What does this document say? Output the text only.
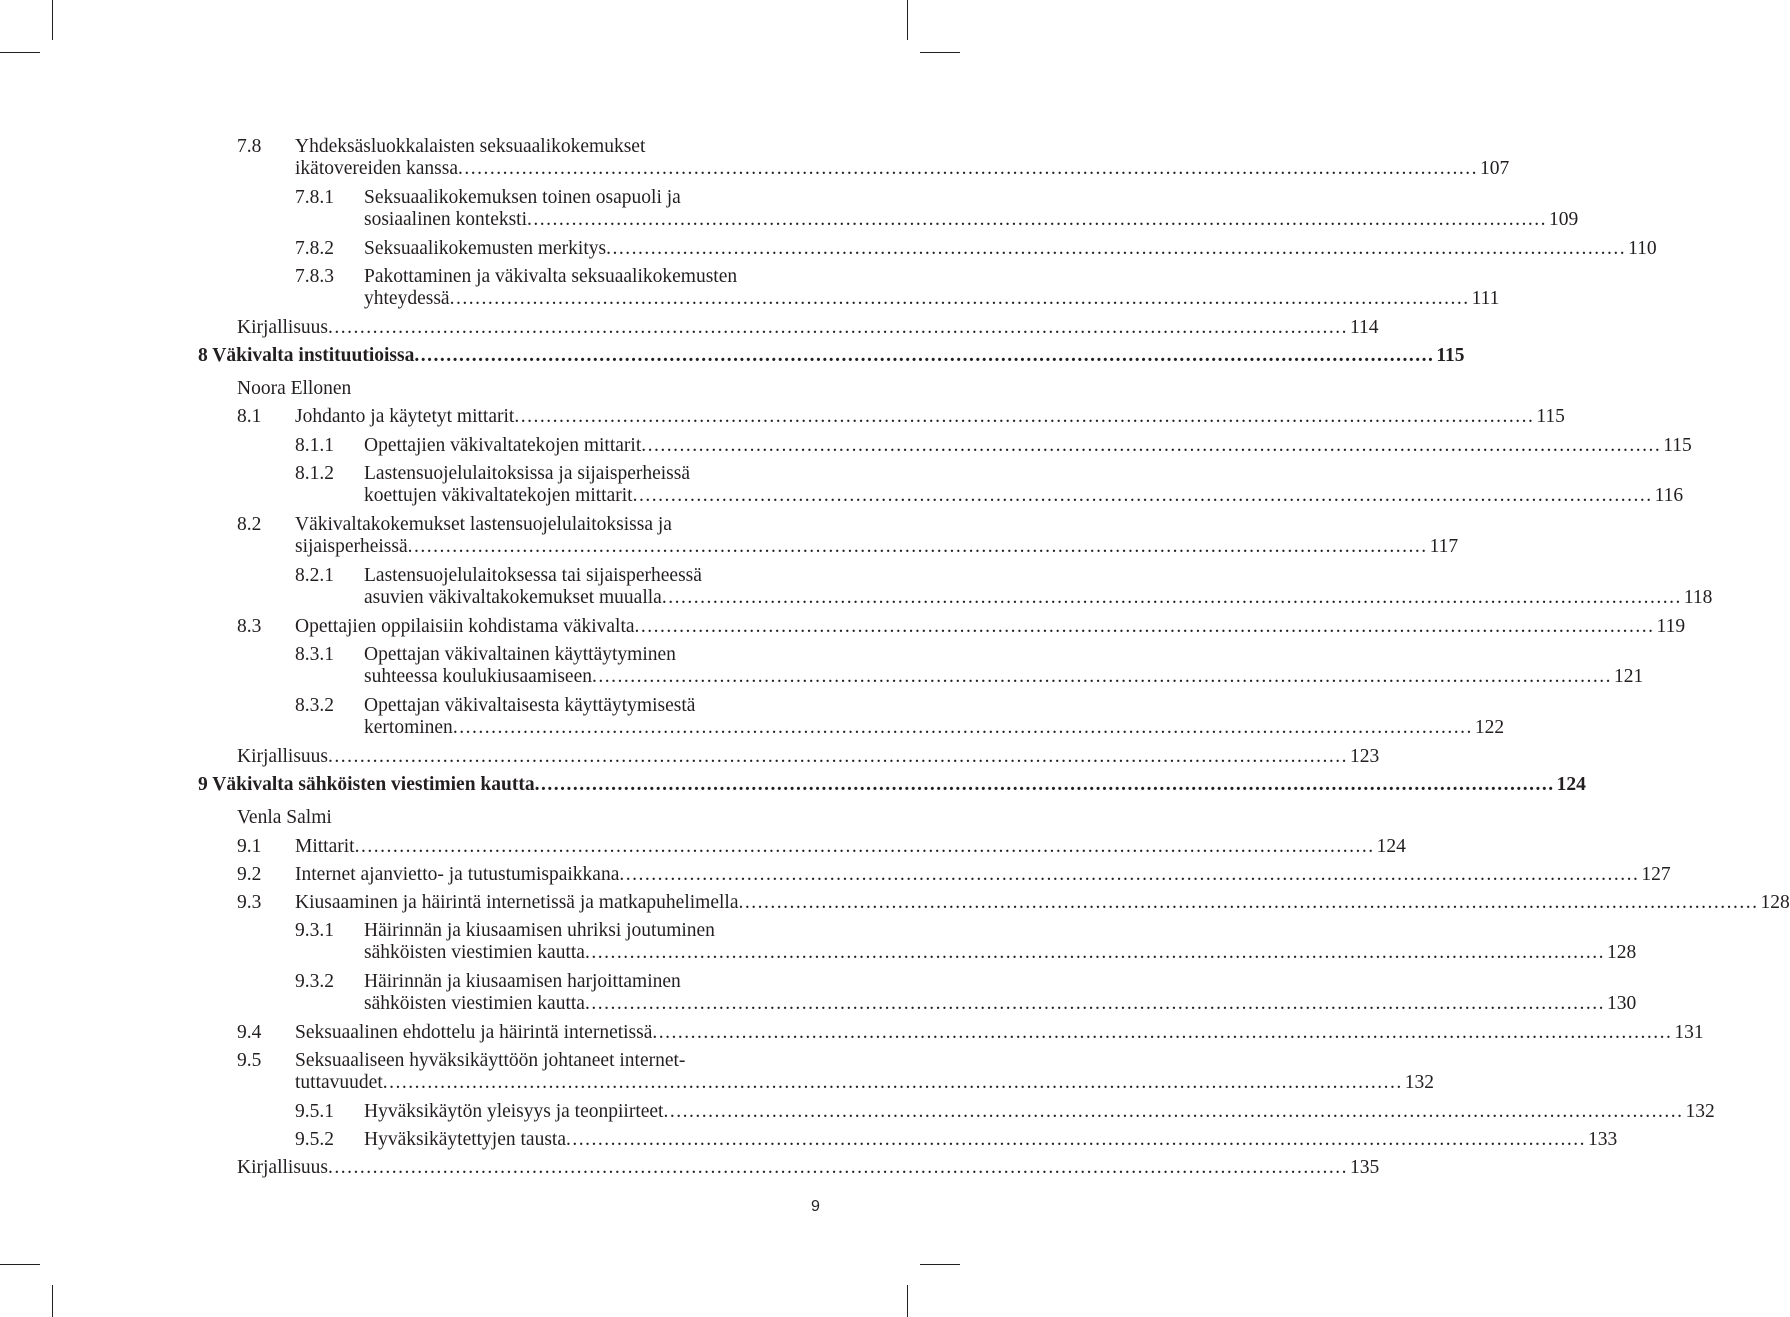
7.8 Yhdeksäsluokkalaisten seksuaalikokemukset
ikätovereiden kanssa ................................................................................................................................................................ 107
7.8.1 Seksuaalikokemuksen toinen osapuoli ja
sosiaalinen konteksti ................................................................................................................................................................ 109
7.8.2 Seksuaalikokemusten merkitys ................................................................................................................................................................ 110
7.8.3 Pakottaminen ja väkivalta seksuaalikokemusten
yhteydessä ................................................................................................................................................................ 111
Kirjallisuus ................................................................................................................................................................ 114
8 Väkivalta instituutioissa ................................................................................................................................................................ 115
Noora Ellonen
8.1 Johdanto ja käytetyt mittarit ................................................................................................................................................................ 115
8.1.1 Opettajien väkivaltatekojen mittarit ................................................................................................................................................................ 115
8.1.2 Lastensuojelulaitoksissa ja sijaisperheissä
koettujen väkivaltatekojen mittarit ................................................................................................................................................................ 116
8.2 Väkivaltakokemukset lastensuojelulaitoksissa ja
sijaisperheissä ................................................................................................................................................................ 117
8.2.1 Lastensuojelulaitoksessa tai sijaisperheessä
asuvien väkivaltakokemukset muualla ................................................................................................................................................................ 118
8.3 Opettajien oppilaisiin kohdistama väkivalta ................................................................................................................................................................ 119
8.3.1 Opettajan väkivaltainen käyttäytyminen
suhteessa koulukiusaamiseen ................................................................................................................................................................ 121
8.3.2 Opettajan väkivaltaisesta käyttäytymisestä
kertominen ................................................................................................................................................................ 122
Kirjallisuus ................................................................................................................................................................ 123
9 Väkivalta sähköisten viestimien kautta ................................................................................................................................................................ 124
Venla Salmi
9.1 Mittarit ................................................................................................................................................................ 124
9.2 Internet ajanvietto- ja tutustumispaikkana ................................................................................................................................................................ 127
9.3 Kiusaaminen ja häirintä internetissä ja matkapuhelimella ................................................................................................................................................................ 128
9.3.1 Häirinnän ja kiusaamisen uhriksi joutuminen
sähköisten viestimien kautta ................................................................................................................................................................ 128
9.3.2 Häirinnän ja kiusaamisen harjoittaminen
sähköisten viestimien kautta ................................................................................................................................................................ 130
9.4 Seksuaalinen ehdottelu ja häirintä internetissä ................................................................................................................................................................ 131
9.5 Seksuaaliseen hyväksikäyttöön johtaneet internet-
tuttavuudet ................................................................................................................................................................ 132
9.5.1 Hyväksikäytön yleisyys ja teonpiirteet ................................................................................................................................................................ 132
9.5.2 Hyväksikäytettyjen tausta ................................................................................................................................................................ 133
Kirjallisuus ................................................................................................................................................................ 135
9
